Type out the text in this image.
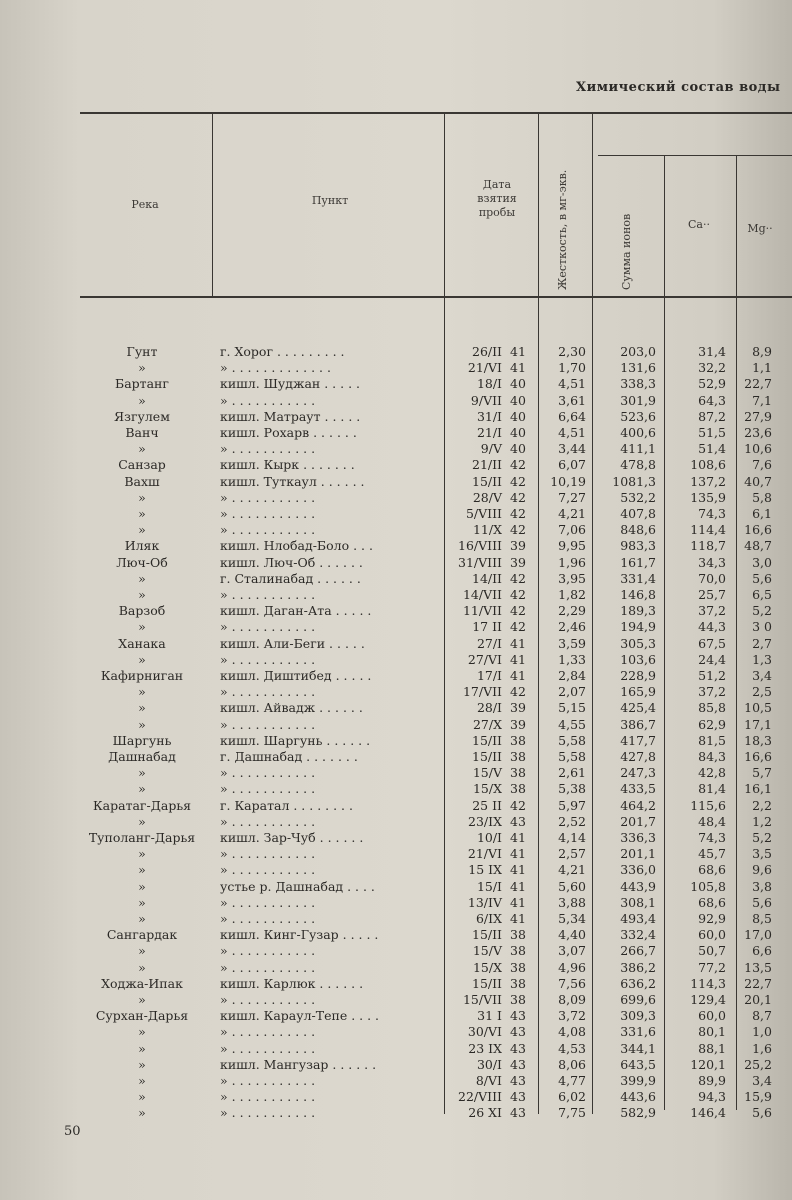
Химический состав воды
Река	Пункт
Дата взятия пробы	Жесткость, в мг-экв.	Сумма ионов	Ca··	Mg··
Гунт	г. Хорог . . . . . . . . .	26/II 41	2,30	203,0	31,4	8,9
»	» . . . . . . . . . . . . .	21/VI 41	1,70	131,6	32,2	1,1
Бартанг	кишл. Шуджан . . . . .	18/I 40	4,51	338,3	52,9	22,7
»	» . . . . . . . . . . .	9/VII 40	3,61	301,9	64,3	7,1
Язгулем	кишл. Матраут . . . . .	31/I 40	6,64	523,6	87,2	27,9
Ванч	кишл. Рохарв . . . . . .	21/I 40	4,51	400,6	51,5	23,6
»	» . . . . . . . . . . .	9/V 40	3,44	411,1	51,4	10,6
Санзар	кишл. Кырк . . . . . . .	21/II 42	6,07	478,8	108,6	7,6
Вахш	кишл. Туткаул . . . . . .	15/II 42	10,19	1081,3	137,2	40,7
»	» . . . . . . . . . . .	28/V 42	7,27	532,2	135,9	5,8
»	» . . . . . . . . . . .	5/VIII 42	4,21	407,8	74,3	6,1
»	» . . . . . . . . . . .	11/X 42	7,06	848,6	114,4	16,6
Иляк	кишл. Нлобад-Боло . . .	16/VIII 39	9,95	983,3	118,7	48,7
Люч-Об	кишл. Люч-Об . . . . . .	31/VIII 39	1,96	161,7	34,3	3,0
»	г. Сталинабад . . . . . .	14/II 42	3,95	331,4	70,0	5,6
»	» . . . . . . . . . . .	14/VII 42	1,82	146,8	25,7	6,5
Варзоб	кишл. Даган-Ата . . . . .	11/VII 42	2,29	189,3	37,2	5,2
»	» . . . . . . . . . . .	17 II 42	2,46	194,9	44,3	3 0
Ханака	кишл. Али-Беги . . . . .	27/I 41	3,59	305,3	67,5	2,7
»	» . . . . . . . . . . .	27/VI 41	1,33	103,6	24,4	1,3
Кафирниган	кишл. Диштибед . . . . .	17/I 41	2,84	228,9	51,2	3,4
»	» . . . . . . . . . . .	17/VII 42	2,07	165,9	37,2	2,5
»	кишл. Айвадж . . . . . .	28/I 39	5,15	425,4	85,8	10,5
»	» . . . . . . . . . . .	27/X 39	4,55	386,7	62,9	17,1
Шаргунь	кишл. Шаргунь . . . . . .	15/II 38	5,58	417,7	81,5	18,3
Дашнабад	г. Дашнабад . . . . . . .	15/II 38	5,58	427,8	84,3	16,6
»	» . . . . . . . . . . .	15/V 38	2,61	247,3	42,8	5,7
»	» . . . . . . . . . . .	15/X 38	5,38	433,5	81,4	16,1
Каратаг-Дарья	г. Каратал . . . . . . . .	25 II 42	5,97	464,2	115,6	2,2
»	» . . . . . . . . . . .	23/IX 43	2,52	201,7	48,4	1,2
Туполанг-Дарья	кишл. Зар-Чуб . . . . . .	10/I 41	4,14	336,3	74,3	5,2
»	» . . . . . . . . . . .	21/VI 41	2,57	201,1	45,7	3,5
»	» . . . . . . . . . . .	15 IX 41	4,21	336,0	68,6	9,6
»	устье р. Дашнабад . . . .	15/I 41	5,60	443,9	105,8	3,8
»	» . . . . . . . . . . .	13/IV 41	3,88	308,1	68,6	5,6
»	» . . . . . . . . . . .	6/IX 41	5,34	493,4	92,9	8,5
Сангардак	кишл. Кинг-Гузар . . . . .	15/II 38	4,40	332,4	60,0	17,0
»	» . . . . . . . . . . .	15/V 38	3,07	266,7	50,7	6,6
»	» . . . . . . . . . . .	15/X 38	4,96	386,2	77,2	13,5
Ходжа-Ипак	кишл. Карлюк . . . . . .	15/II 38	7,56	636,2	114,3	22,7
»	» . . . . . . . . . . .	15/VII 38	8,09	699,6	129,4	20,1
Сурхан-Дарья	кишл. Караул-Тепе . . . .	31 I 43	3,72	309,3	60,0	8,7
»	» . . . . . . . . . . .	30/VI 43	4,08	331,6	80,1	1,0
»	» . . . . . . . . . . .	23 IX 43	4,53	344,1	88,1	1,6
»	кишл. Мангузар . . . . . .	30/I 43	8,06	643,5	120,1	25,2
»	» . . . . . . . . . . .	8/VI 43	4,77	399,9	89,9	3,4
»	» . . . . . . . . . . .	22/VIII 43	6,02	443,6	94,3	15,9
»	» . . . . . . . . . . .	26 XI 43	7,75	582,9	146,4	5,6
50
